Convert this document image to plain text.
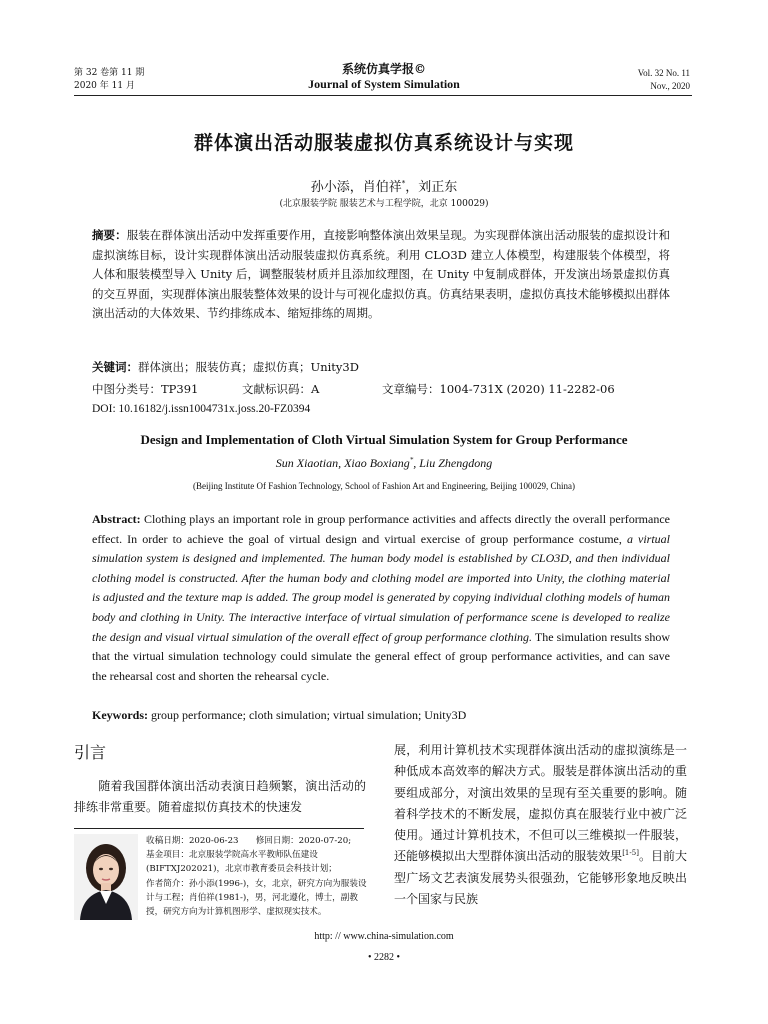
第 32 卷第 11 期
2020 年 11 月
系统仿真学报©
Journal of System Simulation
Vol. 32 No. 11
Nov., 2020
群体演出活动服装虚拟仿真系统设计与实现
孙小添，肖伯祥*，刘正东
(北京服装学院 服装艺术与工程学院，北京 100029)
摘要：服装在群体演出活动中发挥重要作用，直接影响整体演出效果呈现。为实现群体演出活动服装的虚拟设计和虚拟演练目标，设计实现群体演出活动服装虚拟仿真系统。利用 CLO3D 建立人体模型，构建服装个体模型，将人体和服装模型导入 Unity 后，调整服装材质并且添加纹理图，在 Unity 中复制成群体，开发演出场景虚拟仿真的交互界面，实现群体演出服装整体效果的设计与可视化虚拟仿真。仿真结果表明，虚拟仿真技术能够模拟出群体演出活动的大体效果、节约排练成本、缩短排练的周期。
关键词：群体演出；服装仿真；虚拟仿真；Unity3D
中图分类号：TP391	文献标识码：A	文章编号：1004-731X (2020) 11-2282-06
DOI: 10.16182/j.issn1004731x.joss.20-FZ0394
Design and Implementation of Cloth Virtual Simulation System for Group Performance
Sun Xiaotian, Xiao Boxiang*, Liu Zhengdong
(Beijing Institute Of Fashion Technology, School of Fashion Art and Engineering, Beijing 100029, China)
Abstract: Clothing plays an important role in group performance activities and affects directly the overall performance effect. In order to achieve the goal of virtual design and virtual exercise of group performance costume, a virtual simulation system is designed and implemented. The human body model is established by CLO3D, and then individual clothing model is constructed. After the human body and clothing model are imported into Unity, the clothing material is adjusted and the texture map is added. The group model is generated by copying individual clothing models of human body and clothing in Unity. The interactive interface of virtual simulation of performance scene is developed to realize the design and visual virtual simulation of the overall effect of group performance clothing. The simulation results show that the virtual simulation technology could simulate the general effect of group performance activities, and can save the rehearsal cost and shorten the rehearsal cycle.
Keywords: group performance; cloth simulation; virtual simulation; Unity3D
引言
　　随着我国群体演出活动表演日趋频繁，演出活动的排练非常重要。随着虚拟仿真技术的快速发
展，利用计算机技术实现群体演出活动的虚拟演练是一种低成本高效率的解决方式。服装是群体演出活动的重要组成部分，对演出效果的呈现有至关重要的影响。随着科学技术的不断发展，虚拟仿真在服装行业中被广泛使用。通过计算机技术，不但可以三维模拟一件服装，还能够模拟出大型群体演出活动的服装效果[1-5]。目前大型广场文艺表演发展势头很强劲，它能够形象地反映出一个国家与民族
收稿日期：2020-06-23　　修回日期：2020-07-20;
基金项目：北京服装学院高水平教师队伍建设(BIFTXJ202021)，北京市教育委员会科技计划；
作者简介：孙小添(1996-)，女，北京，研究方向为服装设计与工程；肖伯祥(1981-)，男，河北遵化，博士，副教授，研究方向为计算机图形学、虚拟现实技术。
http: // www.china-simulation.com
• 2282 •
